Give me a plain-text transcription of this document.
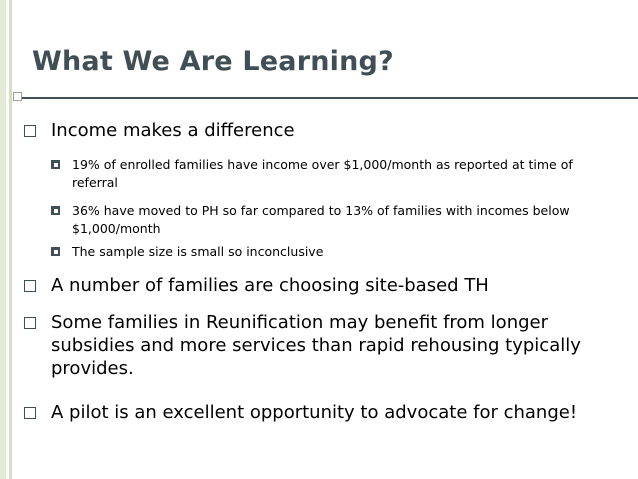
What We Are Learning?
Income makes a difference
19% of enrolled families have income over $1,000/month as reported at time of referral
36% have moved to PH so far compared to 13% of families with incomes below $1,000/month
The sample size is small so inconclusive
A number of families are choosing site-based TH
Some families in Reunification may benefit from longer subsidies and more services than rapid rehousing typically provides.
A pilot is an excellent opportunity to advocate for change!
